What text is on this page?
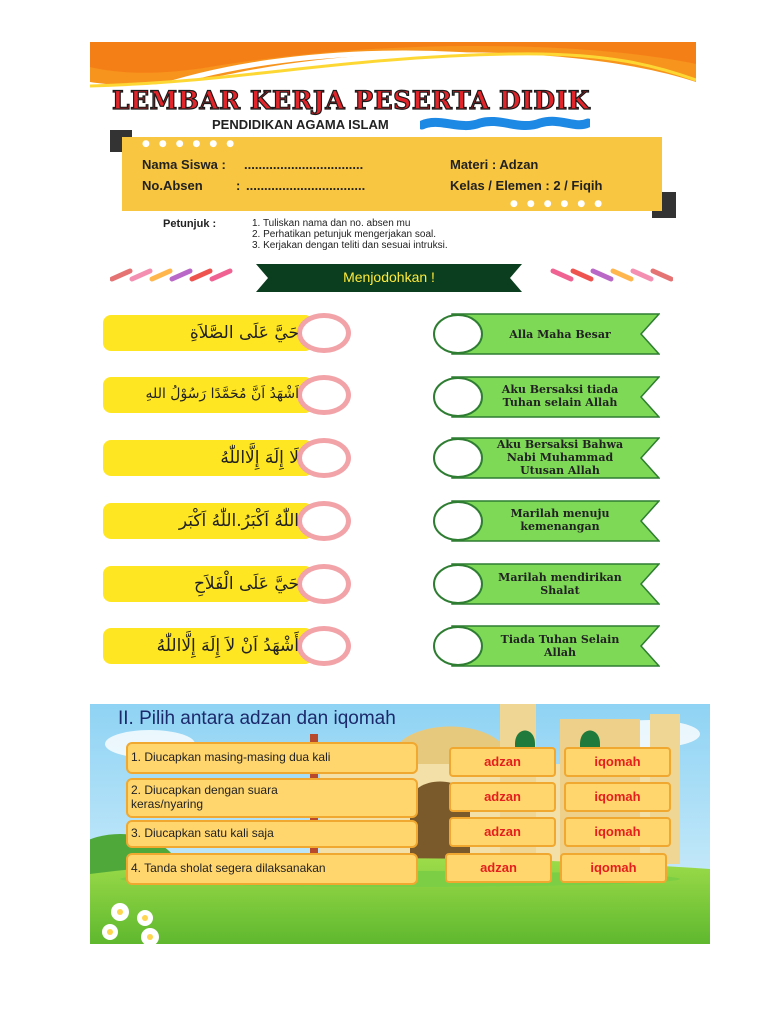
LEMBAR KERJA PESERTA DIDIK
PENDIDIKAN AGAMA ISLAM
●●●●●●
●●●●●●
Nama Siswa : .................................
No.Absen	: .................................
Materi : Adzan
Kelas / Elemen : 2 / Fiqih
Petunjuk :	1. Tuliskan nama dan no. absen mu
2. Perhatikan petunjuk mengerjakan soal.
3. Kerjakan dengan teliti dan sesuai intruksi.
Menjodohkan !
حَيَّ عَلَى الصَّلاَةِ
اَشْهَدُ اَنَّ مُحَمَّدًا رَسُوْلُ اللهِ
لَا إِلَهَ إِلَّااللّٰهُ
اللّٰهُ اَكْبَرُ.اللّٰهُ اَكْبَر
حَيَّ عَلَى الْفَلاَحِ
أَشْهَدُ اَنْ لاَ إِلَهَ إِلَّااللّٰهُ
Alla Maha Besar
Aku Bersaksi tiada
Tuhan selain Allah
Aku Bersaksi Bahwa
Nabi Muhammad
Utusan Allah
Marilah menuju
kemenangan
Marilah mendirikan
Shalat
Tiada Tuhan Selain
Allah
II. Pilih antara adzan dan iqomah
1. Diucapkan masing-masing dua kali	adzan	iqomah
2. Diucapkan dengan suara
keras/nyaring	adzan	iqomah
3. Diucapkan satu kali saja	adzan	iqomah
4. Tanda sholat segera dilaksanakan	adzan	iqomah
